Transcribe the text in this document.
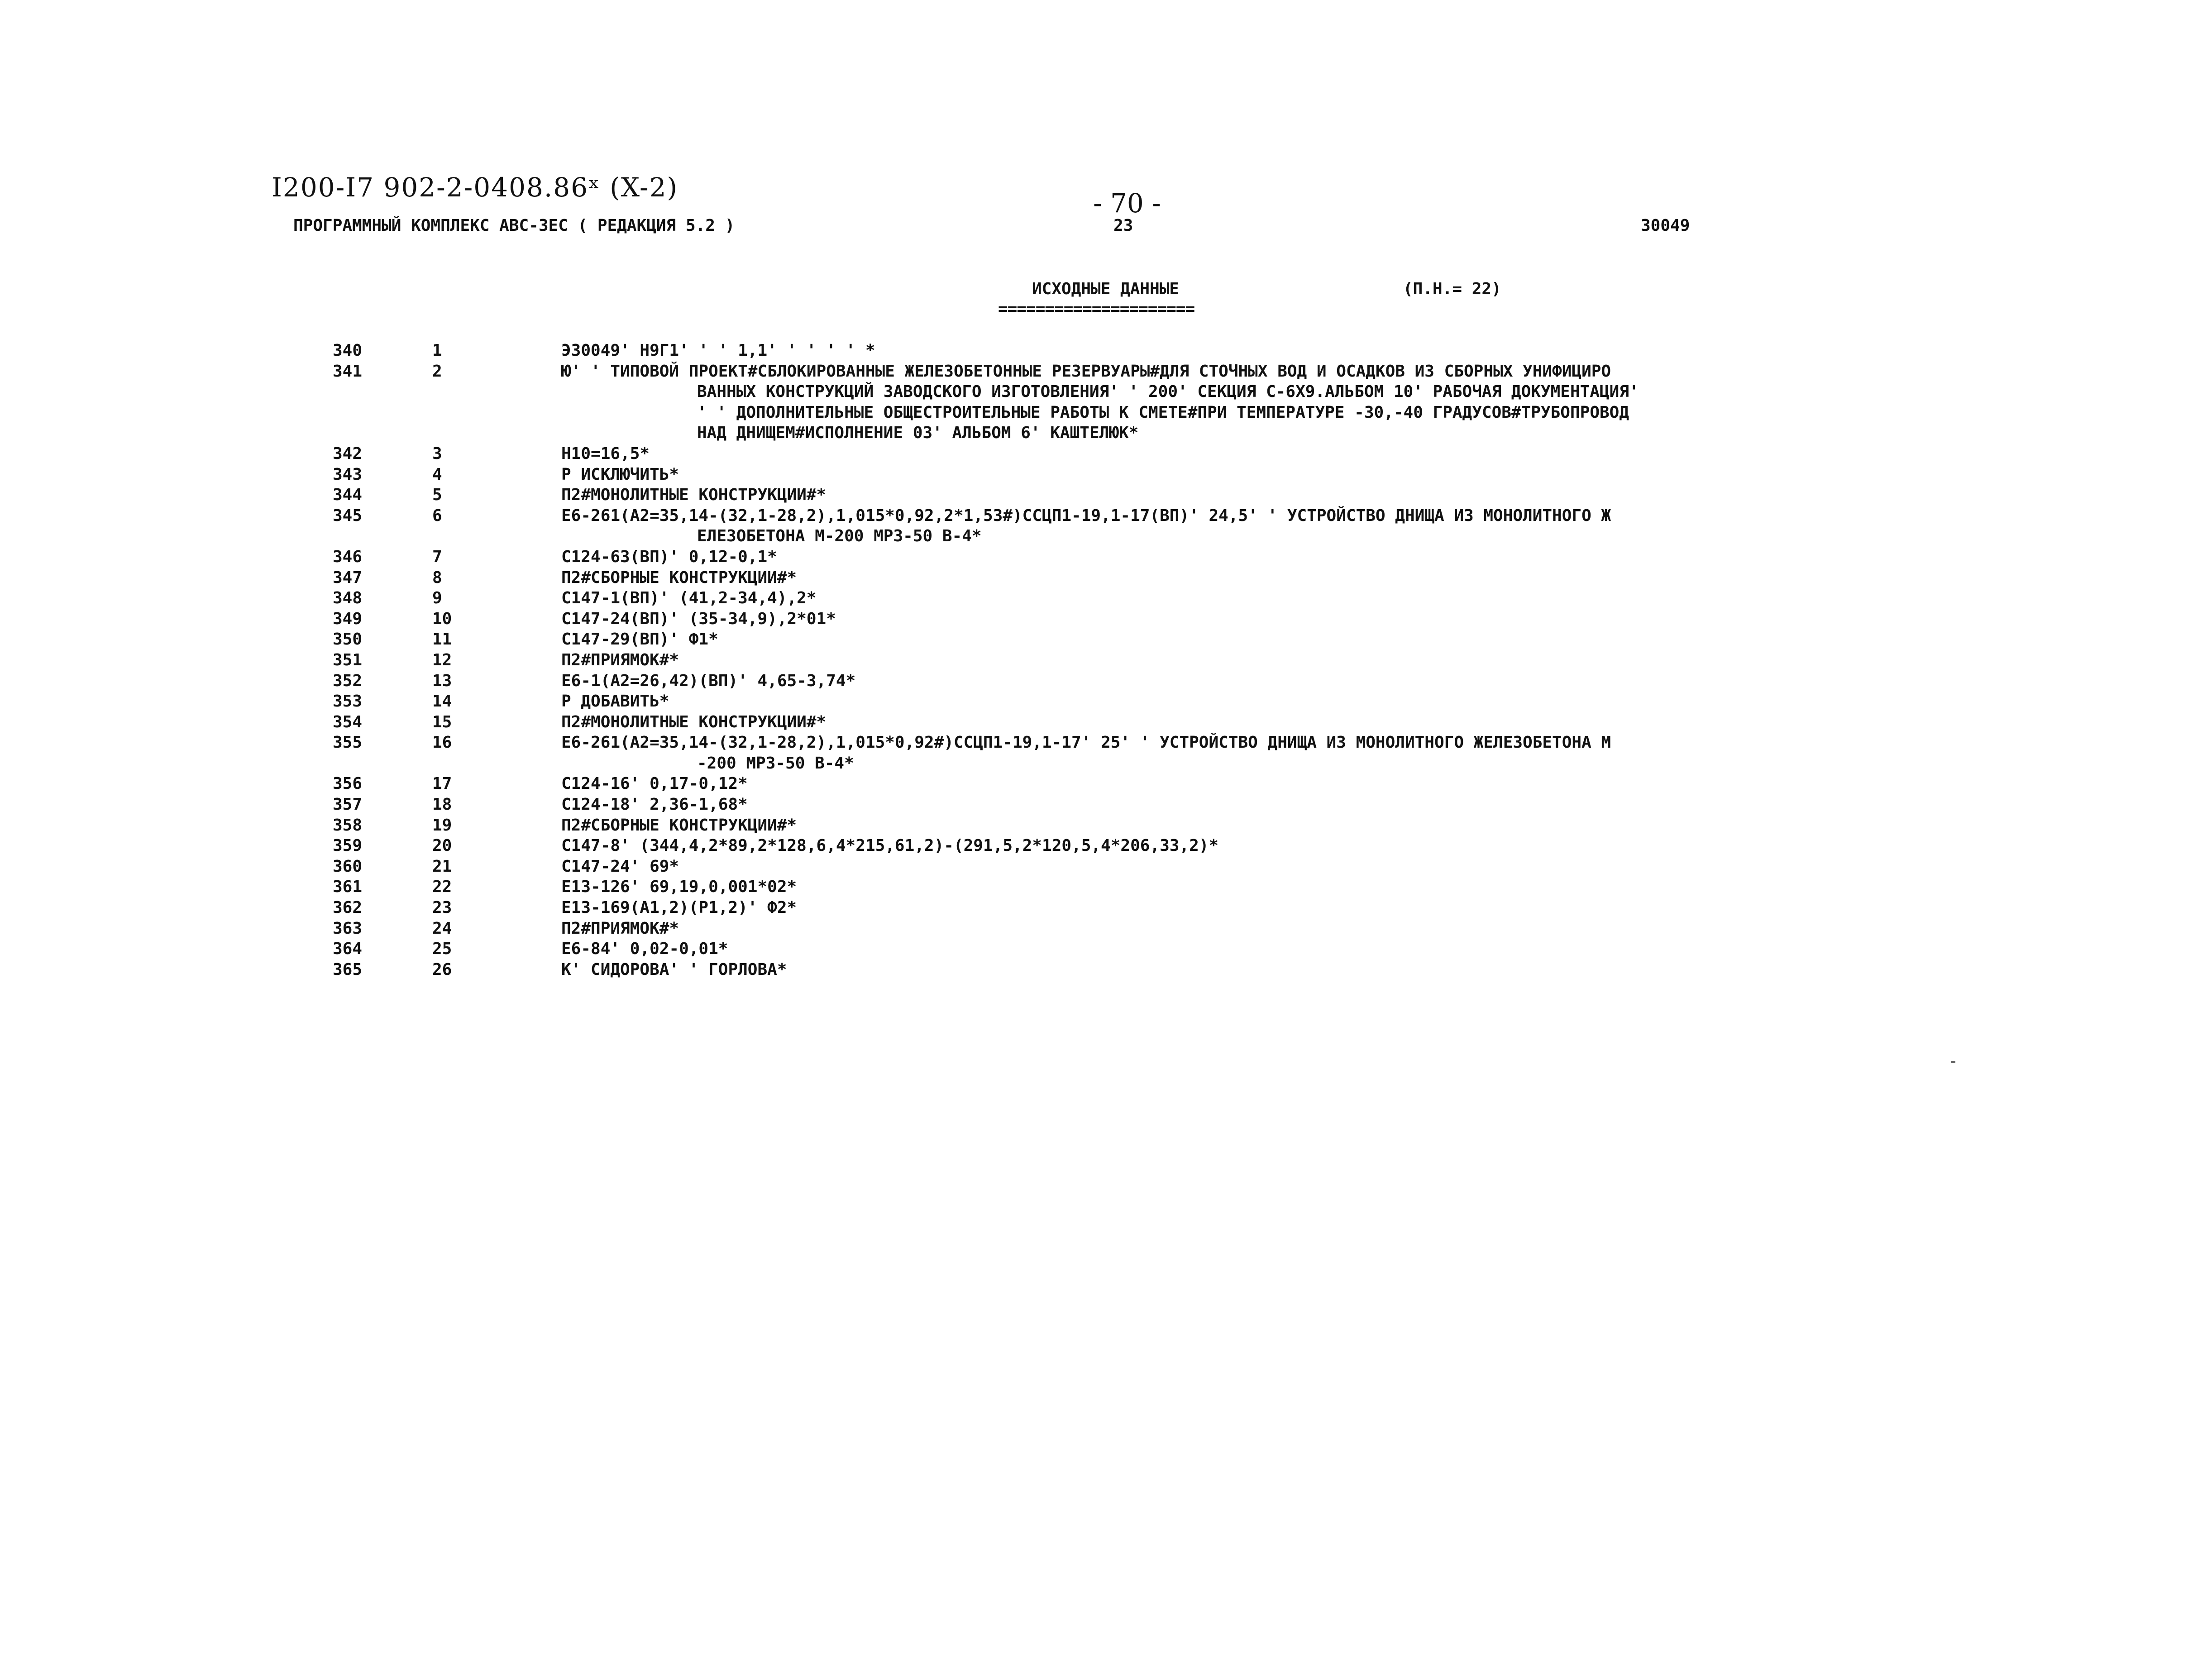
I200-I7 902-2-0408.86ˣ (X-2)
- 70 -
ПРОГРАММНЫЙ КОМПЛЕКС АВС-ЗЕС ( РЕДАКЦИЯ 5.2 )	23	30049
ИСХОДНЫЕ ДАННЫЕ
=====================
(П.Н.= 22)
340	1	Э30049' Н9Г1' ' ' 1,1' ' ' ' ' *
341	2	Ю' ' ТИПОВОЙ ПРОЕКТ#СБЛОКИРОВАННЫЕ ЖЕЛЕЗОБЕТОННЫЕ РЕЗЕРВУАРЫ#ДЛЯ СТОЧНЫХ ВОД И ОСАДКОВ ИЗ СБОРНЫХ УНИФИЦИРО
ВАННЫХ КОНСТРУКЦИЙ ЗАВОДСКОГО ИЗГОТОВЛЕНИЯ' ' 200' СЕКЦИЯ С-6Х9.АЛЬБОМ 10' РАБОЧАЯ ДОКУМЕНТАЦИЯ'
' ' ДОПОЛНИТЕЛЬНЫЕ ОБЩЕСТРОИТЕЛЬНЫЕ РАБОТЫ К СМЕТЕ#ПРИ ТЕМПЕРАТУРЕ -30,-40 ГРАДУСОВ#ТРУБОПРОВОД
НАД ДНИЩЕМ#ИСПОЛНЕНИЕ 03' АЛЬБОМ 6' КАШТЕЛЮК*
342	3	Н10=16,5*
343	4	Р ИСКЛЮЧИТЬ*
344	5	П2#МОНОЛИТНЫЕ КОНСТРУКЦИИ#*
345	6	Е6-261(А2=35,14-(32,1-28,2),1,015*0,92,2*1,53#)ССЦП1-19,1-17(ВП)' 24,5' ' УСТРОЙСТВО ДНИЩА ИЗ МОНОЛИТНОГО Ж
ЕЛЕЗОБЕТОНА М-200 МРЗ-50 В-4*
346	7	С124-63(ВП)' 0,12-0,1*
347	8	П2#СБОРНЫЕ КОНСТРУКЦИИ#*
348	9	С147-1(ВП)' (41,2-34,4),2*
349	10	С147-24(ВП)' (35-34,9),2*01*
350	11	С147-29(ВП)' Ф1*
351	12	П2#ПРИЯМОК#*
352	13	Е6-1(А2=26,42)(ВП)' 4,65-3,74*
353	14	Р ДОБАВИТЬ*
354	15	П2#МОНОЛИТНЫЕ КОНСТРУКЦИИ#*
355	16	Е6-261(А2=35,14-(32,1-28,2),1,015*0,92#)ССЦП1-19,1-17' 25' ' УСТРОЙСТВО ДНИЩА ИЗ МОНОЛИТНОГО ЖЕЛЕЗОБЕТОНА М
-200 МРЗ-50 В-4*
356	17	С124-16' 0,17-0,12*
357	18	С124-18' 2,36-1,68*
358	19	П2#СБОРНЫЕ КОНСТРУКЦИИ#*
359	20	С147-8' (344,4,2*89,2*128,6,4*215,61,2)-(291,5,2*120,5,4*206,33,2)*
360	21	С147-24' 69*
361	22	Е13-126' 69,19,0,001*02*
362	23	Е13-169(А1,2)(Р1,2)' Ф2*
363	24	П2#ПРИЯМОК#*
364	25	Е6-84' 0,02-0,01*
365	26	К' СИДОРОВА' ' ГОРЛОВА*
